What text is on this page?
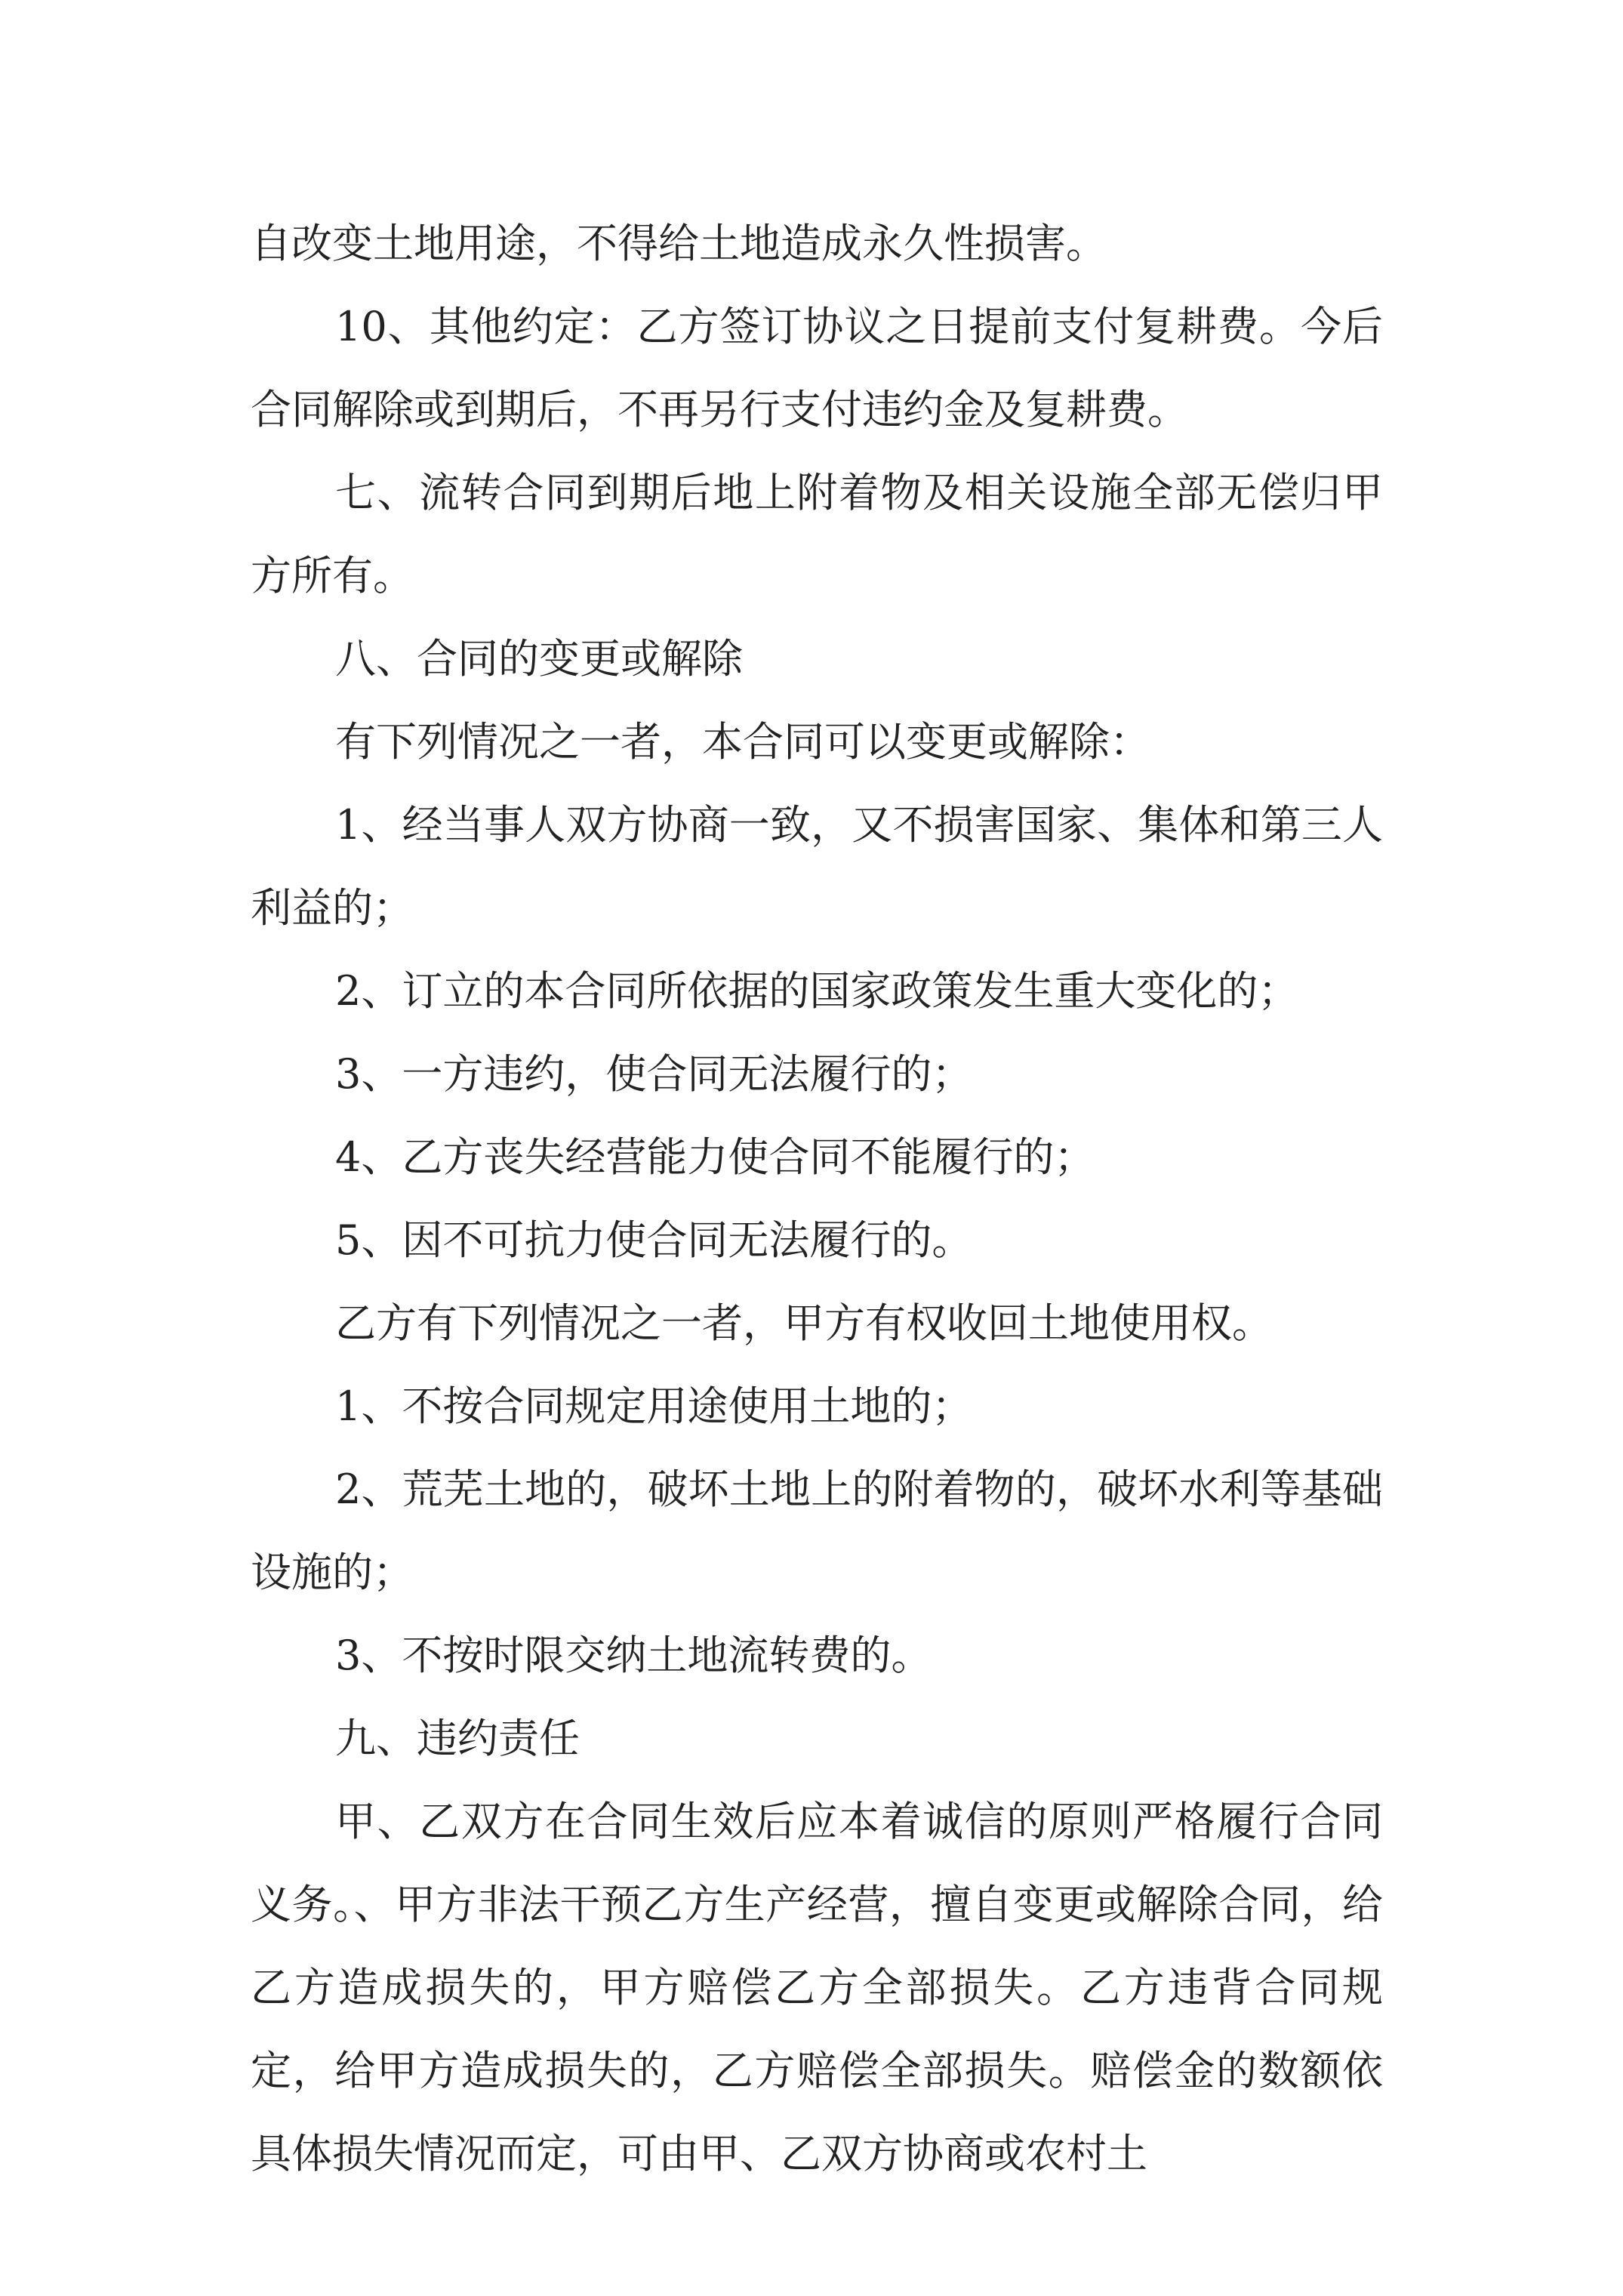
自改变土地用途，不得给土地造成永久性损害。

10、其他约定：乙方签订协议之日提前支付复耕费。今后合同解除或到期后，不再另行支付违约金及复耕费。

七、流转合同到期后地上附着物及相关设施全部无偿归甲方所有。

八、合同的变更或解除

有下列情况之一者，本合同可以变更或解除：

1、经当事人双方协商一致，又不损害国家、集体和第三人利益的；

2、订立的本合同所依据的国家政策发生重大变化的；

3、一方违约，使合同无法履行的；

4、乙方丧失经营能力使合同不能履行的；

5、因不可抗力使合同无法履行的。

乙方有下列情况之一者，甲方有权收回土地使用权。

1、不按合同规定用途使用土地的；

2、荒芜土地的，破坏土地上的附着物的，破坏水利等基础设施的；

3、不按时限交纳土地流转费的。

九、违约责任

甲、乙双方在合同生效后应本着诚信的原则严格履行合同义务。、甲方非法干预乙方生产经营，擅自变更或解除合同，给乙方造成损失的，甲方赔偿乙方全部损失。乙方违背合同规定，给甲方造成损失的，乙方赔偿全部损失。赔偿金的数额依具体损失情况而定，可由甲、乙双方协商或农村土
